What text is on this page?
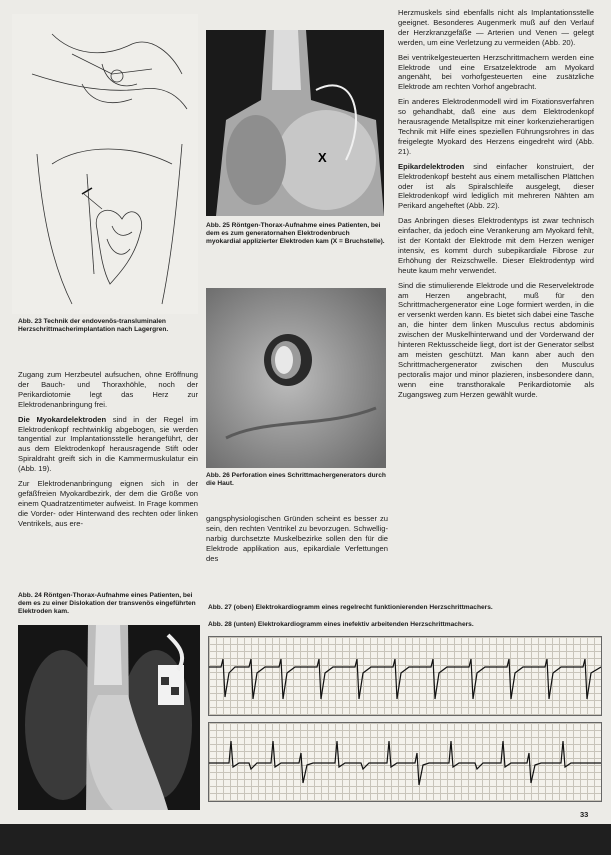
Abb. 23 Technik der endovenös-transluminalen Herzschrittmacherimplantation nach Lagergren.

Zugang zum Herzbeutel aufsuchen, ohne Eröffnung der Bauch- und Thoraxhöhle, noch der Perikardiotomie legt das Herz zur Elektrodenanbringung frei.

Die Myokardelektroden sind in der Regel im Elektrodenkopf rechtwinklig abgebogen, sie werden tangential zur Implantationsstelle herangeführt, der aus dem Elektrodenkopf herausragende Stift oder Spiraldraht greift sich in die Kammermuskulatur ein (Abb. 19).

Zur Elektrodenanbringung eignen sich in der gefäßfreien Myokardbezirk, der dem die Größe von einem Quadratzentimeter aufweist. In Frage kommen die Vorder- oder Hinterwand des rechten oder linken Ventrikels, aus ere-

Abb. 24 Röntgen-Thorax-Aufnahme eines Patienten, bei dem es zu einer Dislokation der transvenös eingeführten Elektroden kam.

X

Abb. 25 Röntgen-Thorax-Aufnahme eines Patienten, bei dem es zum generatornahen Elektrodenbruch myokardial applizierter Elektroden kam (X = Bruchstelle).

Abb. 26 Perforation eines Schrittmachergenerators durch die Haut.

gangsphysiologischen Gründen scheint es besser zu sein, den rechten Ventrikel zu bevorzugen. Schwellig-narbig durchsetzte Muskelbezirke sollen den für die Elektrode applikation aus, epikardiale Verfettungen des

Herzmuskels sind ebenfalls nicht als Implantationsstelle geeignet. Besonderes Augenmerk muß auf den Verlauf der Herzkranzgefäße — Arterien und Venen — gelegt werden, um eine Verletzung zu vermeiden (Abb. 20).

Bei ventrikelgesteuerten Herzschrittmachern werden eine Elektrode und eine Ersatzelektrode am Myokard angenäht, bei vorhofgesteuerten eine zusätzliche Elektrode am rechten Vorhof angebracht.

Ein anderes Elektrodenmodell wird im Fixationsverfahren so gehandhabt, daß eine aus dem Elektrodenkopf herausragende Metallspitze mit einer korkenzieherartigen Technik mit Hilfe eines speziellen Führungsrohres in das freigelegte Myokard des Herzens eingedreht wird (Abb. 21).

Epikardelektroden sind einfacher konstruiert, der Elektrodenkopf besteht aus einem metallischen Plättchen oder ist als Spiralschleife ausgelegt, dieser Elektrodenkopf wird lediglich mit mehreren Nähten am Perikard angeheftet (Abb. 22).

Das Anbringen dieses Elektrodentyps ist zwar technisch einfacher, da jedoch eine Verankerung am Myokard fehlt, ist der Kontakt der Elektrode mit dem Herzen weniger intensiv, es kommt durch subepikardiale Fibrose zur Erhöhung der Reizschwelle. Dieser Elektrodentyp wird heute kaum mehr verwendet.

Sind die stimulierende Elektrode und die Reservelektrode am Herzen angebracht, muß für den Schrittmachergenerator eine Loge formiert werden, in die er versenkt werden kann. Es bietet sich dabei eine Tasche an, die hinter dem linken Musculus rectus abdominis zwischen der Muskelhinterwand und der Vorderwand der hinteren Rektusscheide liegt, dort ist der Generator selbst am meisten geschützt. Man kann aber auch den Schrittmachergenerator zwischen den Musculus pectoralis major und minor plazieren, insbesondere dann, wenn eine transthorakale Perikardiotomie als Zugangsweg zum Herzen gewählt wurde.

Abb. 27 (oben) Elektrokardiogramm eines regelrecht funktionierenden Herzschrittmachers.

Abb. 28 (unten) Elektrokardiogramm eines inefektiv arbeitenden Herzschrittmachers.

33
